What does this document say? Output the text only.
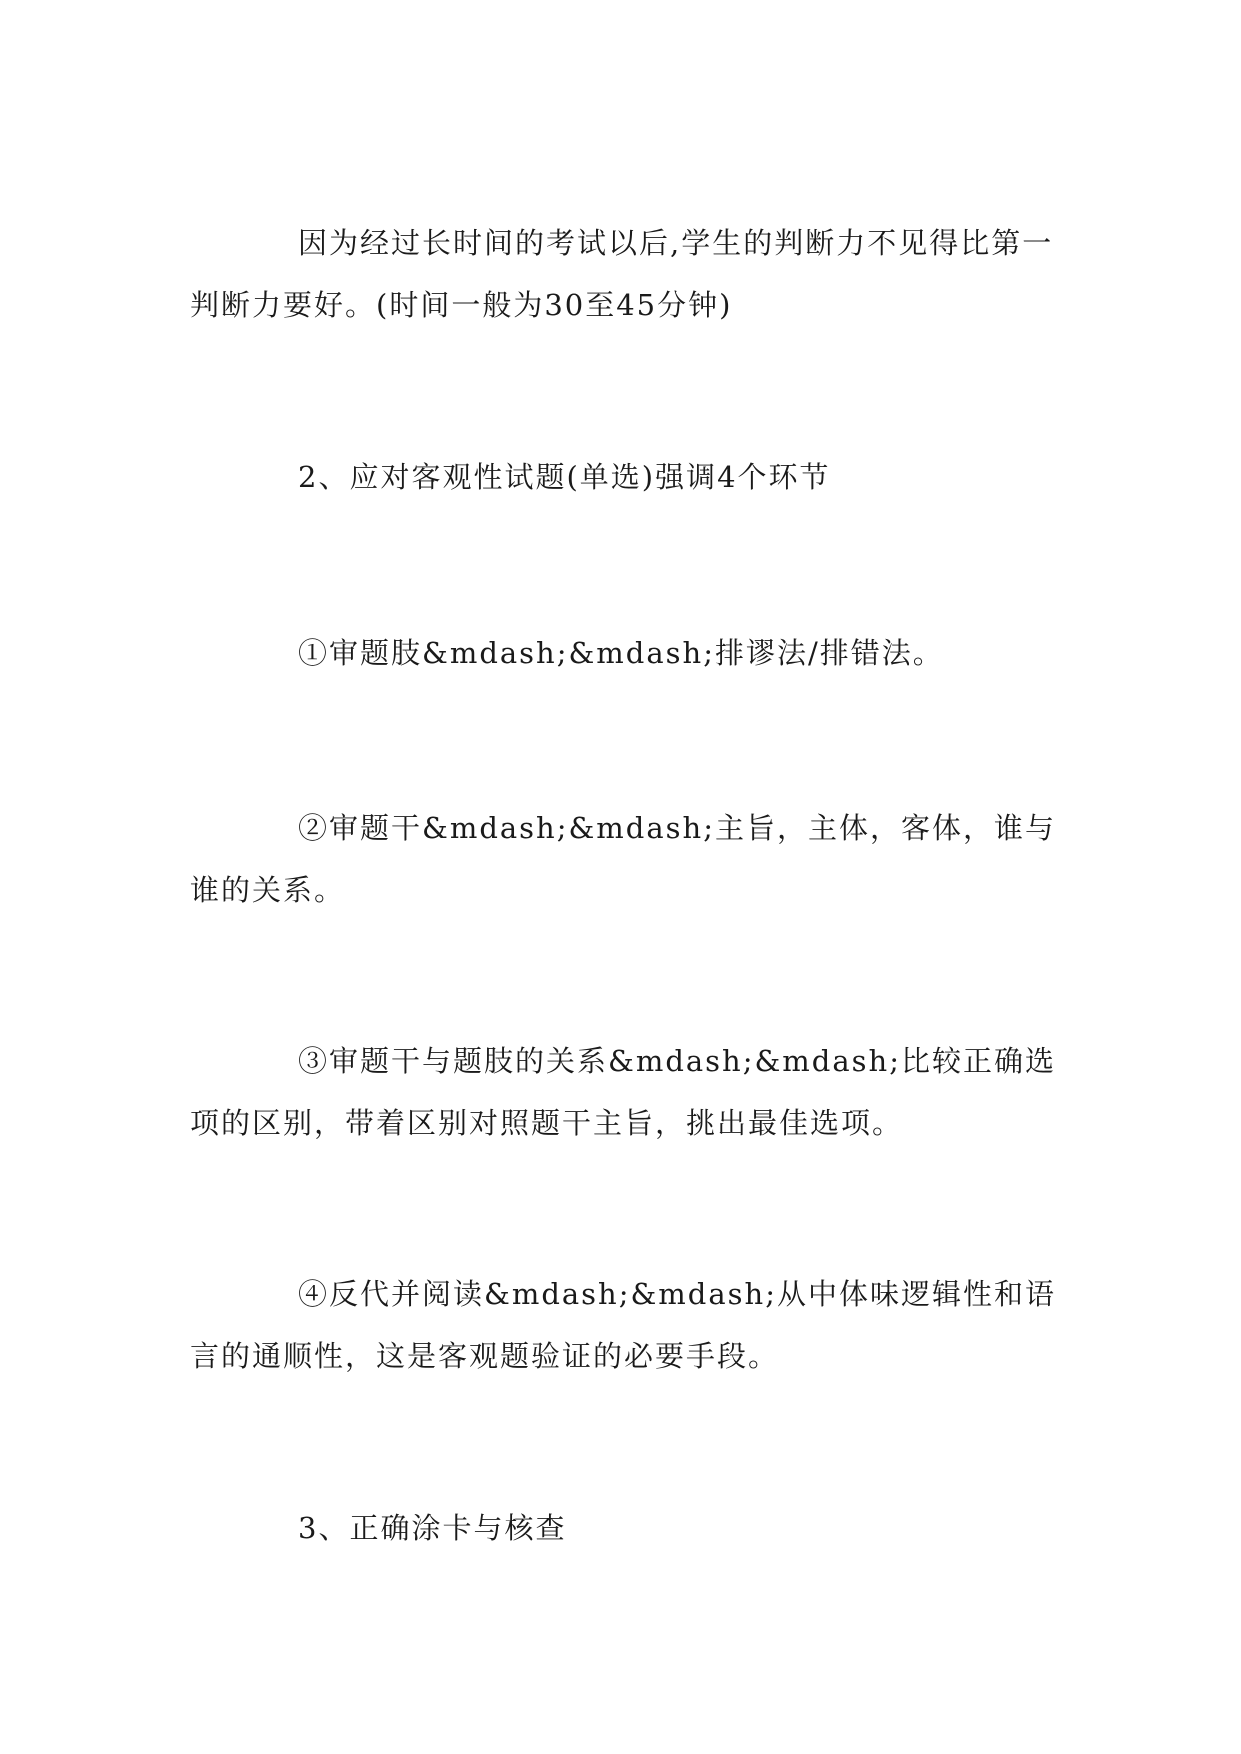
因为经过长时间的考试以后,学生的判断力不见得比第一判断力要好。(时间一般为30至45分钟)

2、应对客观性试题(单选)强调4个环节

①审题肢&mdash;&mdash;排谬法/排错法。

②审题干&mdash;&mdash;主旨，主体，客体，谁与谁的关系。

③审题干与题肢的关系&mdash;&mdash;比较正确选项的区别，带着区别对照题干主旨，挑出最佳选项。

④反代并阅读&mdash;&mdash;从中体味逻辑性和语言的通顺性，这是客观题验证的必要手段。

3、正确涂卡与核查
